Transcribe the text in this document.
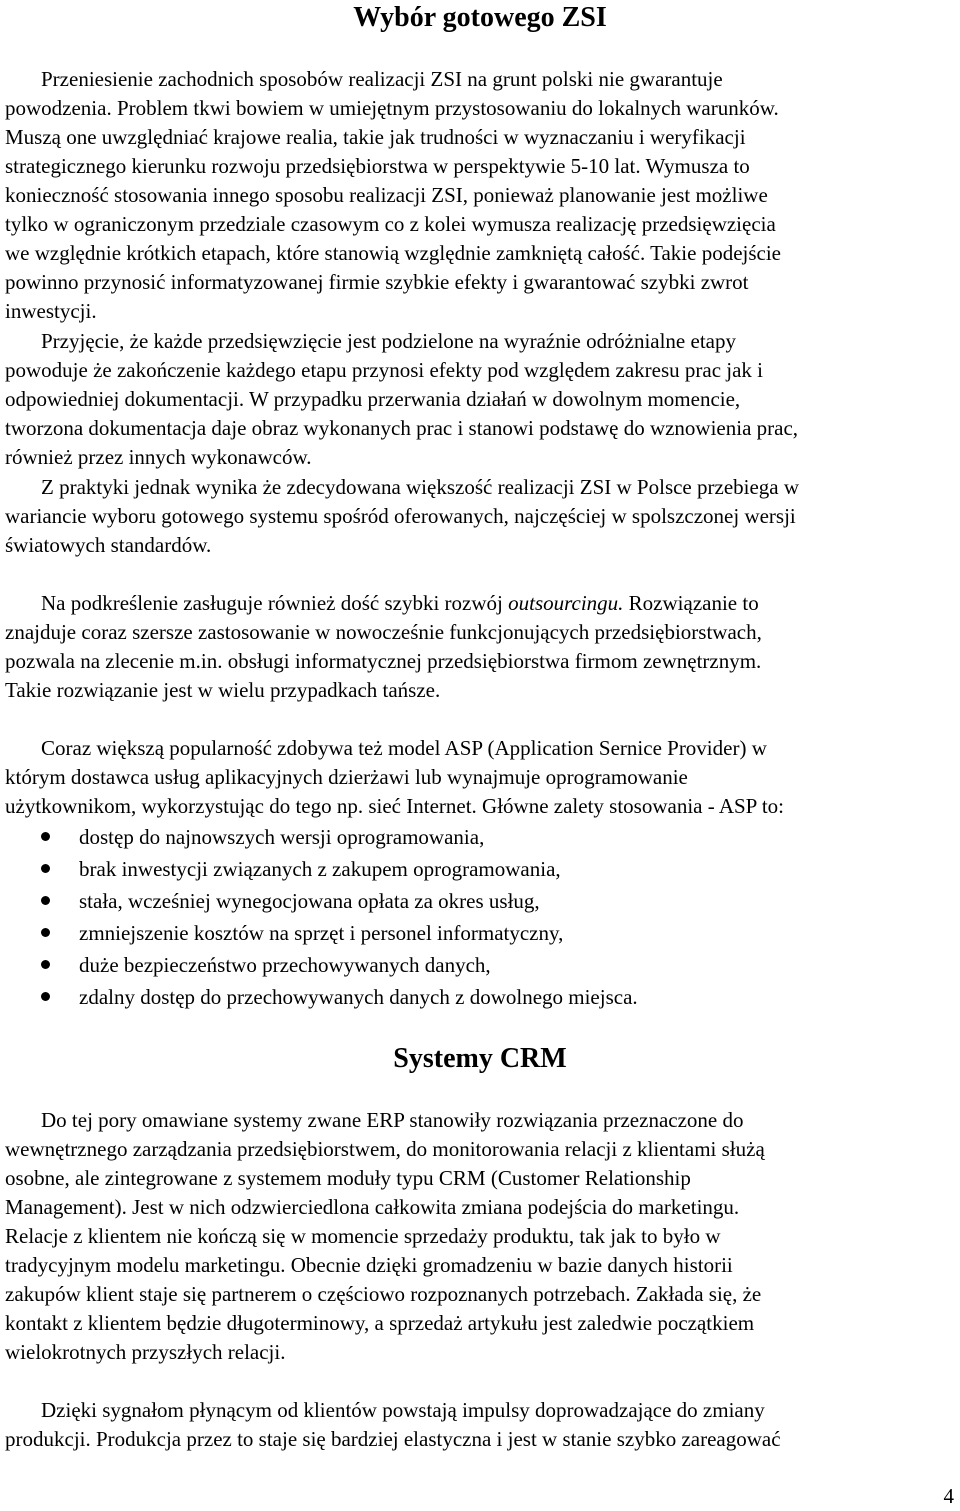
Wybór gotowego ZSI

Przeniesienie zachodnich sposobów realizacji ZSI na grunt polski nie gwarantuje
powodzenia. Problem tkwi bowiem w umiejętnym przystosowaniu do lokalnych warunków.
Muszą one uwzględniać krajowe realia, takie jak trudności w wyznaczaniu i weryfikacji
strategicznego kierunku rozwoju przedsiębiorstwa w perspektywie 5-10 lat. Wymusza to
konieczność stosowania innego sposobu realizacji ZSI, ponieważ planowanie jest możliwe
tylko w ograniczonym przedziale czasowym co z kolei wymusza realizację przedsięwzięcia
we względnie krótkich etapach, które stanowią względnie zamkniętą całość. Takie podejście
powinno przynosić informatyzowanej firmie szybkie efekty i gwarantować szybki zwrot
inwestycji.

Przyjęcie, że każde przedsięwzięcie jest podzielone na wyraźnie odróżnialne etapy
powoduje że zakończenie każdego etapu przynosi efekty pod względem zakresu prac jak i
odpowiedniej dokumentacji. W przypadku przerwania działań w dowolnym momencie,
tworzona dokumentacja daje obraz wykonanych prac i stanowi podstawę do wznowienia prac,
również przez innych wykonawców.

Z praktyki jednak wynika że zdecydowana większość realizacji ZSI w Polsce przebiega w
wariancie wyboru gotowego systemu spośród oferowanych, najczęściej w spolszczonej wersji
światowych standardów.

Na podkreślenie zasługuje również dość szybki rozwój outsourcingu. Rozwiązanie to
znajduje coraz szersze zastosowanie w nowocześnie funkcjonujących przedsiębiorstwach,
pozwala na zlecenie m.in. obsługi informatycznej przedsiębiorstwa firmom zewnętrznym.
Takie rozwiązanie jest w wielu przypadkach tańsze.

Coraz większą popularność zdobywa też model ASP (Application Sernice Provider) w
którym dostawca usług aplikacyjnych dzierżawi lub wynajmuje oprogramowanie
użytkownikom, wykorzystując do tego np. sieć Internet. Główne zalety stosowania - ASP to:

dostęp do najnowszych wersji oprogramowania,
brak inwestycji związanych z zakupem oprogramowania,
stała, wcześniej wynegocjowana opłata za okres usług,
zmniejszenie kosztów na sprzęt i personel informatyczny,
duże bezpieczeństwo przechowywanych danych,
zdalny dostęp do przechowywanych danych z dowolnego miejsca.
Systemy CRM

Do tej pory omawiane systemy zwane ERP stanowiły rozwiązania przeznaczone do
wewnętrznego zarządzania przedsiębiorstwem, do monitorowania relacji z klientami służą
osobne, ale zintegrowane z systemem moduły typu CRM (Customer Relationship
Management). Jest w nich odzwierciedlona całkowita zmiana podejścia do marketingu.
Relacje z klientem nie kończą się w momencie sprzedaży produktu, tak jak to było w
tradycyjnym modelu marketingu. Obecnie dzięki gromadzeniu w bazie danych historii
zakupów klient staje się partnerem o częściowo rozpoznanych potrzebach. Zakłada się, że
kontakt z klientem będzie długoterminowy, a sprzedaż artykułu jest zaledwie początkiem
wielokrotnych przyszłych relacji.

Dzięki sygnałom płynącym od klientów powstają impulsy doprowadzające do zmiany
produkcji. Produkcja przez to staje się bardziej elastyczna i jest w stanie szybko zareagować

4
